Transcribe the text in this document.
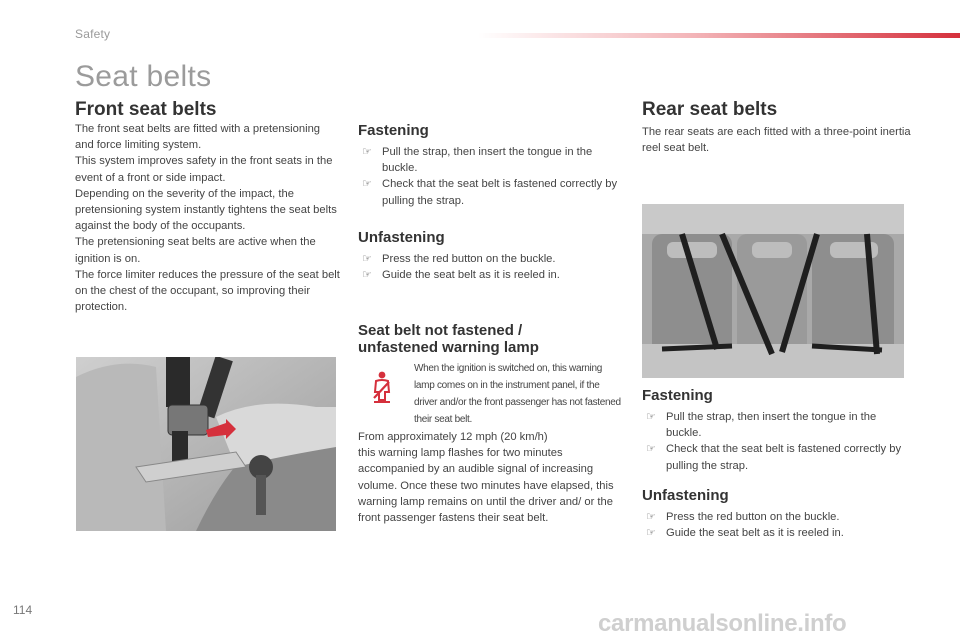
Safety
Seat belts
Front seat belts

The front seat belts are fitted with a pretensioning and force limiting system.
This system improves safety in the front seats in the event of a front or side impact.
Depending on the severity of the impact, the pretensioning system instantly tightens the seat belts against the body of the occupants.
The pretensioning seat belts are active when the ignition is on.
The force limiter reduces the pressure of the seat belt on the chest of the occupant, so improving their protection.

Fastening
☞ Pull the strap, then insert the tongue in the buckle.
☞ Check that the seat belt is fastened correctly by pulling the strap.
Unfastening
☞ Press the red button on the buckle.
☞ Guide the seat belt as it is reeled in.
Seat belt not fastened /
unfastened warning lamp

When the ignition is switched on, this warning lamp comes on in the instrument panel, if the driver and/or the front passenger has not fastened their seat belt.

From approximately 12 mph (20 km/h)
this warning lamp flashes for two minutes accompanied by an audible signal of increasing volume. Once these two minutes have elapsed, this warning lamp remains on until the driver and/ or the front passenger fastens their seat belt.

Rear seat belts

The rear seats are each fitted with a three-point inertia reel seat belt.

Fastening
☞ Pull the strap, then insert the tongue in the buckle.
☞ Check that the seat belt is fastened correctly by pulling the strap.
Unfastening
☞ Press the red button on the buckle.
☞ Guide the seat belt as it is reeled in.
114	carmanualsonline.info
